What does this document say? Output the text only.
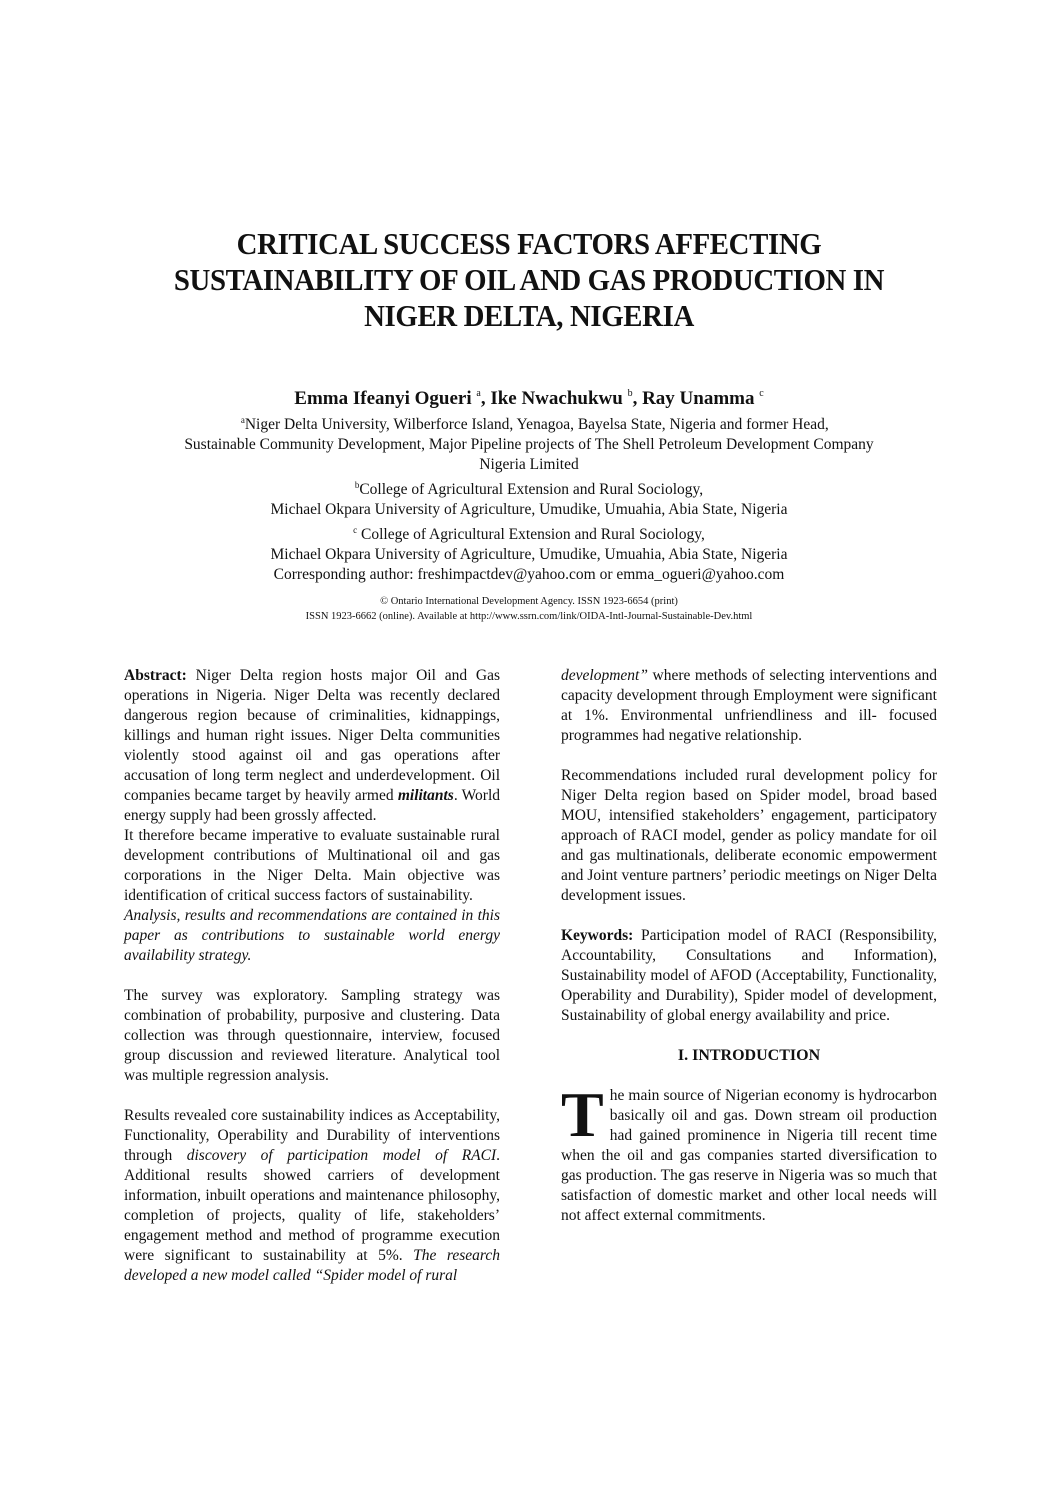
CRITICAL SUCCESS FACTORS AFFECTING
SUSTAINABILITY OF OIL AND GAS PRODUCTION IN
NIGER DELTA, NIGERIA
Emma Ifeanyi Ogueri $^a$, Ike Nwachukwu $^b$, Ray Unamma $^c$
$^a$Niger Delta University, Wilberforce Island, Yenagoa, Bayelsa State, Nigeria and former Head,
Sustainable Community Development, Major Pipeline projects of The Shell Petroleum Development Company
Nigeria Limited
$^b$College of Agricultural Extension and Rural Sociology,
Michael Okpara University of Agriculture, Umudike, Umuahia, Abia State, Nigeria
$^c$ College of Agricultural Extension and Rural Sociology,
Michael Okpara University of Agriculture, Umudike, Umuahia, Abia State, Nigeria
Corresponding author: freshimpactdev@yahoo.com or emma_ogueri@yahoo.com
© Ontario International Development Agency. ISSN 1923-6654 (print)
ISSN 1923-6662 (online). Available at http://www.ssrn.com/link/OIDA-Intl-Journal-Sustainable-Dev.html

Abstract: Niger Delta region hosts major Oil and Gas operations in Nigeria. Niger Delta was recently declared dangerous region because of criminalities, kidnappings, killings and human right issues. Niger Delta communities violently stood against oil and gas operations after accusation of long term neglect and underdevelopment. Oil companies became target by heavily armed militants. World energy supply had been grossly affected.

It therefore became imperative to evaluate sustainable rural development contributions of Multinational oil and gas corporations in the Niger Delta. Main objective was identification of critical success factors of sustainability.

Analysis, results and recommendations are contained in this paper as contributions to sustainable world energy availability strategy.

The survey was exploratory. Sampling strategy was combination of probability, purposive and clustering. Data collection was through questionnaire, interview, focused group discussion and reviewed literature. Analytical tool was multiple regression analysis.

Results revealed core sustainability indices as Acceptability, Functionality, Operability and Durability of interventions through discovery of participation model of RACI. Additional results showed carriers of development information, inbuilt operations and maintenance philosophy, completion of projects, quality of life, stakeholders’ engagement method and method of programme execution were significant to sustainability at 5%. The research developed a new model called “Spider model of rural

development” where methods of selecting interventions and capacity development through Employment were significant at 1%. Environmental unfriendliness and ill- focused programmes had negative relationship.

Recommendations included rural development policy for Niger Delta region based on Spider model, broad based MOU, intensified stakeholders’ engagement, participatory approach of RACI model, gender as policy mandate for oil and gas multinationals, deliberate economic empowerment and Joint venture partners’ periodic meetings on Niger Delta development issues.

Keywords: Participation model of RACI (Responsibility, Accountability, Consultations and Information), Sustainability model of AFOD (Acceptability, Functionality, Operability and Durability), Spider model of development, Sustainability of global energy availability and price.

I. INTRODUCTION

The main source of Nigerian economy is hydrocarbon basically oil and gas. Down stream oil production had gained prominence in Nigeria till recent time when the oil and gas companies started diversification to gas production. The gas reserve in Nigeria was so much that satisfaction of domestic market and other local needs will not affect external commitments.
